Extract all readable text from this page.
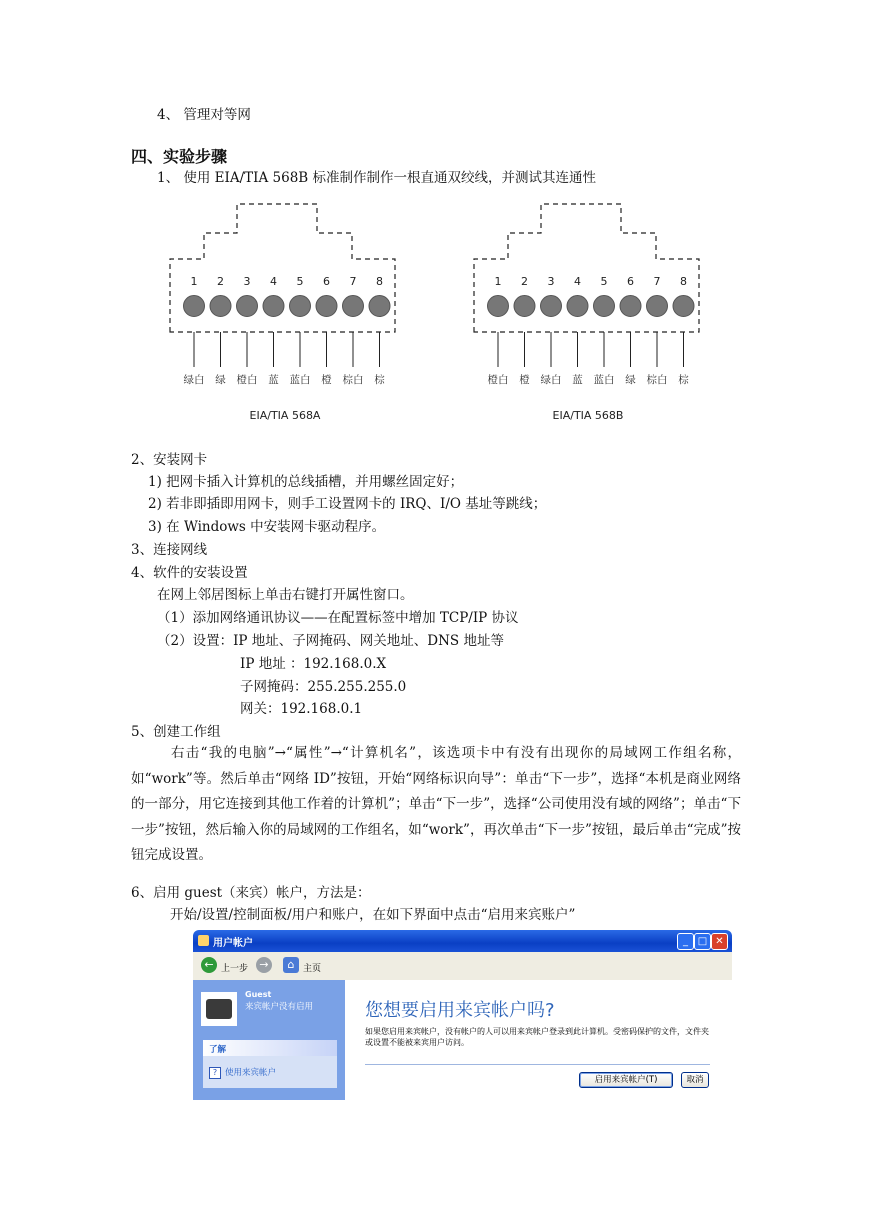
4、 管理对等网
四、实验步骤
1、 使用 EIA/TIA 568B 标准制作制作一根直通双绞线，并测试其连通性
1 2 3 4 5 6 7 8
绿白 绿 橙白 蓝 蓝白 橙 棕白 棕
1 2 3 4 5 6 7 8
橙白 橙 绿白 蓝 蓝白 绿 棕白 棕
EIA/TIA 568A	EIA/TIA 568B
2、安装网卡
1) 把网卡插入计算机的总线插槽，并用螺丝固定好；
2) 若非即插即用网卡，则手工设置网卡的 IRQ、I/O 基址等跳线；
3) 在 Windows 中安装网卡驱动程序。
3、连接网线
4、软件的安装设置
在网上邻居图标上单击右键打开属性窗口。
（1）添加网络通讯协议——在配置标签中增加 TCP/IP 协议
（2）设置：IP 地址、子网掩码、网关地址、DNS 地址等
IP 地址 ：192.168.0.X
子网掩码：255.255.255.0
网关：192.168.0.1
5、创建工作组
右击“我的电脑”→“属性”→“计算机名”，该选项卡中有没有出现你的局域网工作组名称，如“work”等。然后单击“网络 ID”按钮，开始“网络标识向导”：单击“下一步”，选择“本机是商业网络的一部分，用它连接到其他工作着的计算机”；单击“下一步”，选择“公司使用没有域的网络”；单击“下一步”按钮，然后输入你的局域网的工作组名，如“work”，再次单击“下一步”按钮，最后单击“完成”按钮完成设置。
6、启用 guest（来宾）帐户，方法是：
开始/设置/控制面板/用户和账户，在如下界面中点击“启用来宾账户”
用户帐户	_ □ ✕
← 上一步	→	⌂ 主页
Guest
来宾帐户没有启用
了解
? 使用来宾帐户
您想要启用来宾帐户吗?
如果您启用来宾帐户，没有帐户的人可以用来宾帐户登录到此计算机。受密码保护的文件，文件夹或设置不能被来宾用户访问。
启用来宾帐户(T)	取消
